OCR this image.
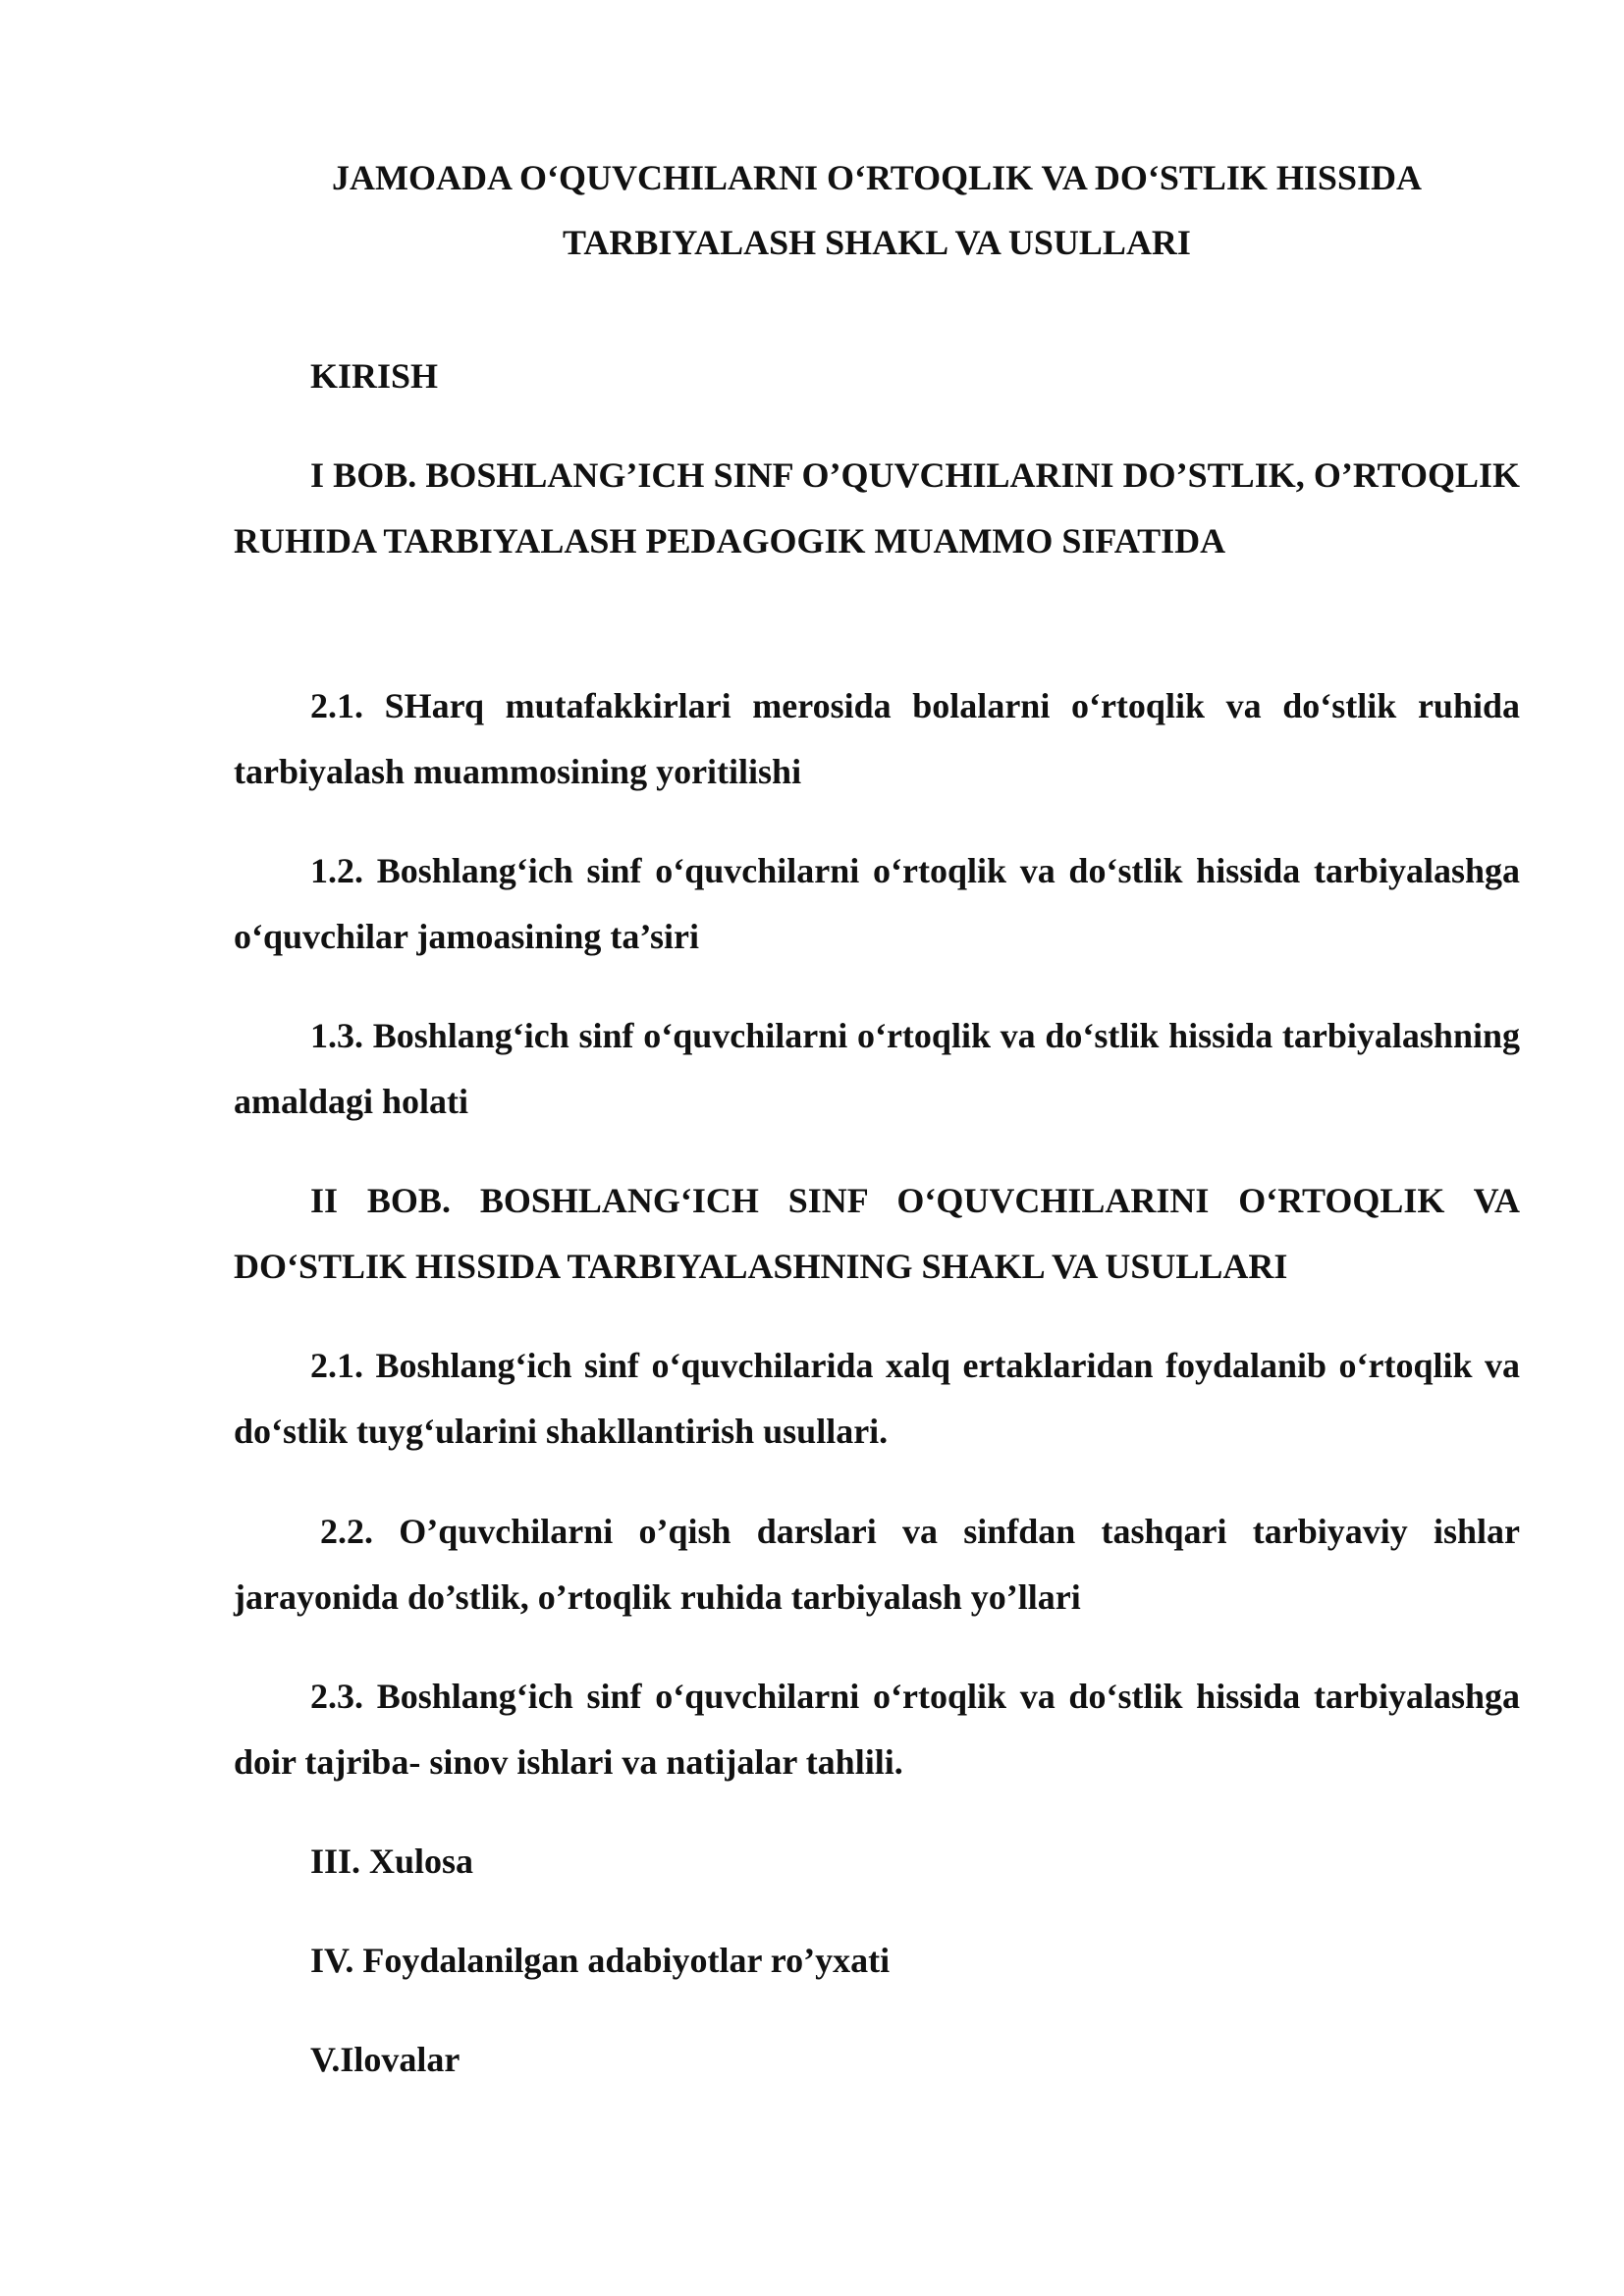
JAMOADA O‘QUVCHILARNI O‘RTOQLIK VA DO‘STLIK HISSIDA
TARBIYALASH SHAKL VA USULLARI
KIRISH
I BOB. BOSHLANG’ICH SINF O’QUVCHILARINI DO’STLIK, O’RTOQLIK RUHIDA TARBIYALASH PEDAGOGIK MUAMMO SIFATIDA
2.1. SHarq mutafakkirlari merosida bolalarni o‘rtoqlik va do‘stlik ruhida tarbiyalash muammosining yoritilishi
1.2. Boshlang‘ich sinf o‘quvchilarni o‘rtoqlik va do‘stlik hissida tarbiyalashga o‘quvchilar jamoasining ta’siri
1.3. Boshlang‘ich sinf o‘quvchilarni o‘rtoqlik va do‘stlik hissida tarbiyalashning amaldagi holati
II BOB. BOSHLANG‘ICH SINF O‘QUVCHILARINI O‘RTOQLIK VA DO‘STLIK HISSIDA TARBIYALASHNING SHAKL VA USULLARI
2.1. Boshlang‘ich sinf o‘quvchilarida xalq ertaklaridan foydalanib o‘rtoqlik va do‘stlik tuyg‘ularini shakllantirish usullari.
2.2. O’quvchilarni o’qish darslari va sinfdan tashqari tarbiyaviy ishlar jarayonida do’stlik, o’rtoqlik ruhida tarbiyalash yo’llari
2.3. Boshlang‘ich sinf o‘quvchilarni o‘rtoqlik va do‘stlik hissida tarbiyalashga doir tajriba- sinov ishlari va natijalar tahlili.
III. Xulosa
IV. Foydalanilgan adabiyotlar ro’yxati
V.Ilovalar
